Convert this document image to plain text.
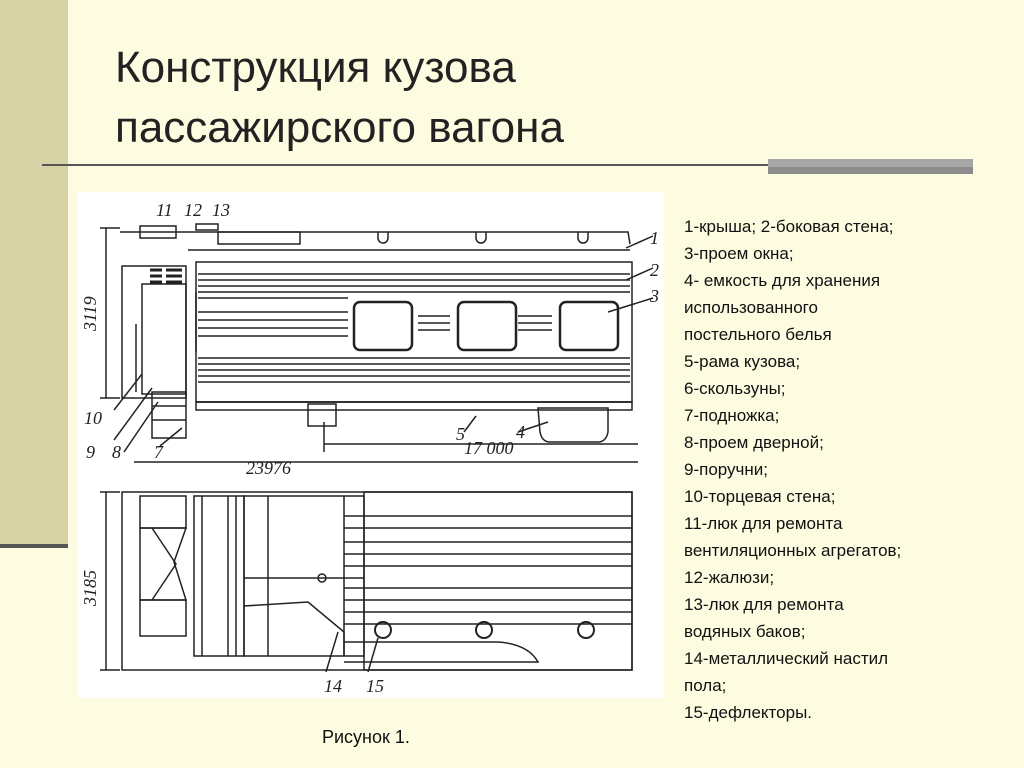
Конструкция кузова
пассажирского вагона
3119
3185
23976
17 000
1
2
3
4
5
7
8
9
10
11 12 13
14 15
1-крыша; 2-боковая стена;
3-проем окна;
4- емкость для хранения
использованного
постельного белья
5-рама кузова;
6-скользуны;
7-подножка;
8-проем дверной;
9-поручни;
10-торцевая стена;
11-люк для ремонта
вентиляционных агрегатов;
12-жалюзи;
13-люк для ремонта
водяных баков;
14-металлический настил
пола;
15-дефлекторы.
Рисунок 1.
